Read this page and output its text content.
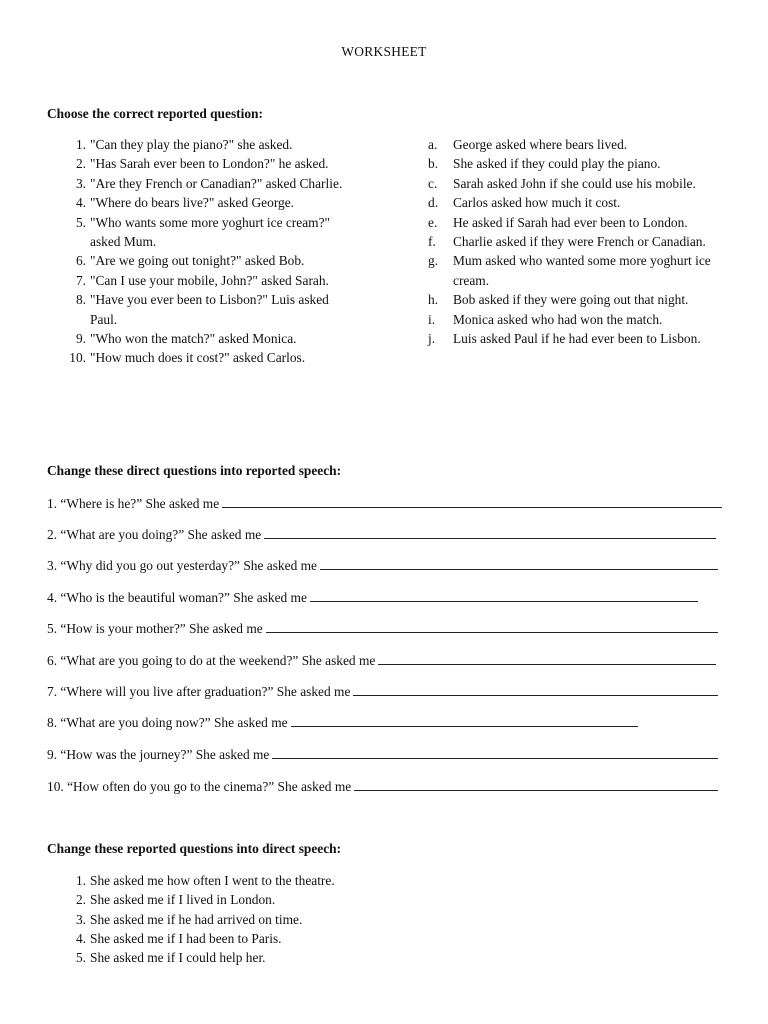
WORKSHEET
Choose the correct reported question:
1. "Can they play the piano?" she asked.
2. "Has Sarah ever been to London?" he asked.
3. "Are they French or Canadian?" asked Charlie.
4. "Where do bears live?" asked George.
5. "Who wants some more yoghurt ice cream?" asked Mum.
6. "Are we going out tonight?" asked Bob.
7. "Can I use your mobile, John?" asked Sarah.
8. "Have you ever been to Lisbon?" Luis asked Paul.
9. "Who won the match?" asked Monica.
10. "How much does it cost?" asked Carlos.
a.	George asked where bears lived.
b.	She asked if they could play the piano.
c.	Sarah asked John if she could use his mobile.
d.	Carlos asked how much it cost.
e.	He asked if Sarah had ever been to London.
f.	Charlie asked if they were French or Canadian.
g.	Mum asked who wanted some more yoghurt ice cream.
h.	Bob asked if they were going out that night.
i.	Monica asked who had won the match.
j.	Luis asked Paul if he had ever been to Lisbon.
Change these direct questions into reported speech:
1. “Where is he?” She asked me
2. “What are you doing?” She asked me
3. “Why did you go out yesterday?” She asked me
4. “Who is the beautiful woman?” She asked me
5. “How is your mother?” She asked me
6. “What are you going to do at the weekend?” She asked me
7. “Where will you live after graduation?” She asked me
8. “What are you doing now?” She asked me
9. “How was the journey?” She asked me
10. “How often do you go to the cinema?” She asked me
Change these reported questions into direct speech:
1. She asked me how often I went to the theatre.
2. She asked me if I lived in London.
3. She asked me if he had arrived on time.
4. She asked me if I had been to Paris.
5. She asked me if I could help her.
